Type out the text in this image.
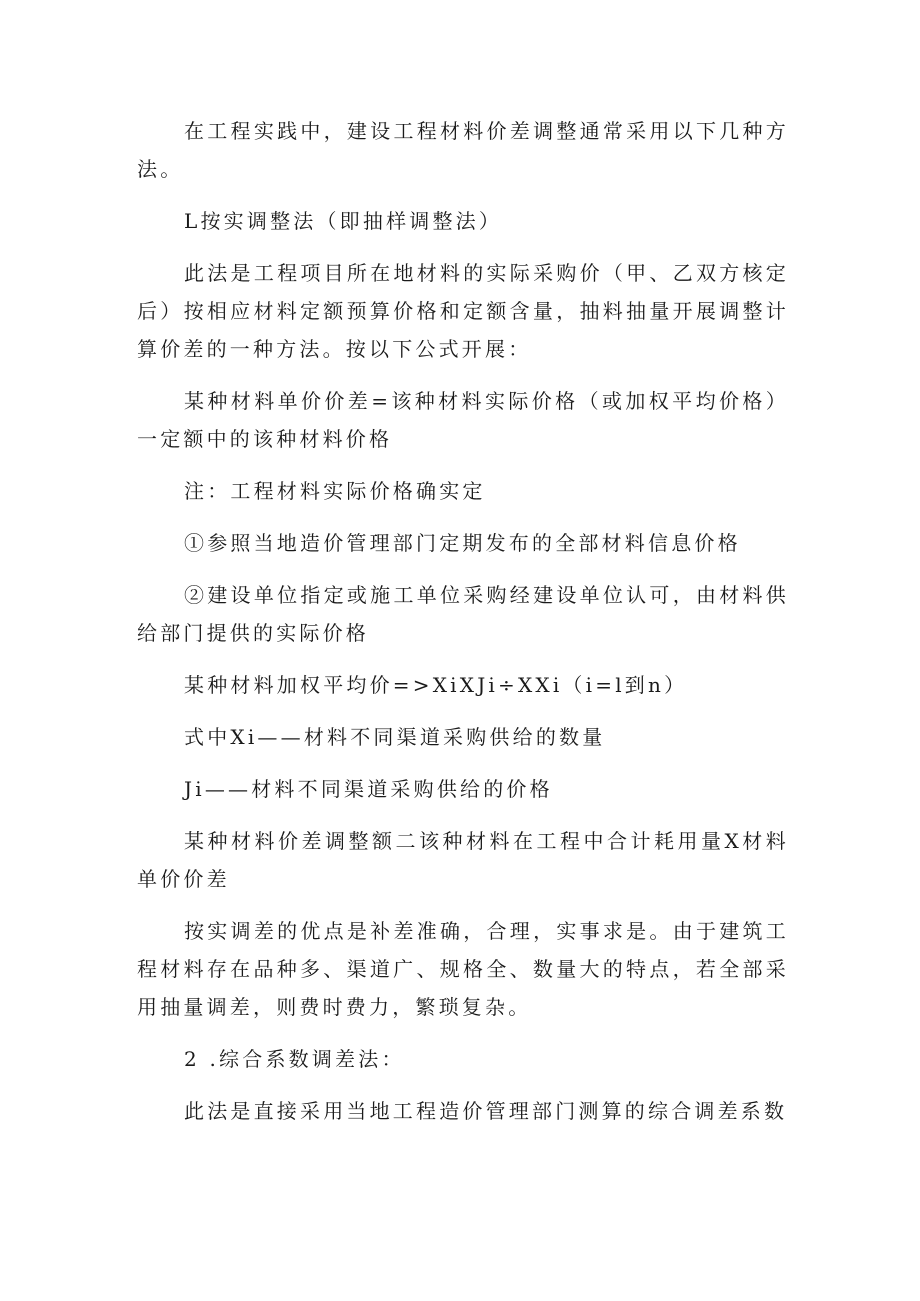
在工程实践中，建设工程材料价差调整通常采用以下几种方法。

L按实调整法（即抽样调整法）

此法是工程项目所在地材料的实际采购价（甲、乙双方核定后）按相应材料定额预算价格和定额含量，抽料抽量开展调整计算价差的一种方法。按以下公式开展：

某种材料单价价差=该种材料实际价格（或加权平均价格）一定额中的该种材料价格

注：工程材料实际价格确实定

①参照当地造价管理部门定期发布的全部材料信息价格

②建设单位指定或施工单位采购经建设单位认可，由材料供给部门提供的实际价格

某种材料加权平均价=>XiXJi÷XXi（i=l到n）

式中Xi——材料不同渠道采购供给的数量

Ji——材料不同渠道采购供给的价格

某种材料价差调整额二该种材料在工程中合计耗用量X材料单价价差

按实调差的优点是补差准确，合理，实事求是。由于建筑工程材料存在品种多、渠道广、规格全、数量大的特点，若全部采用抽量调差，则费时费力，繁琐复杂。

2 .综合系数调差法：

此法是直接采用当地工程造价管理部门测算的综合调差系数
